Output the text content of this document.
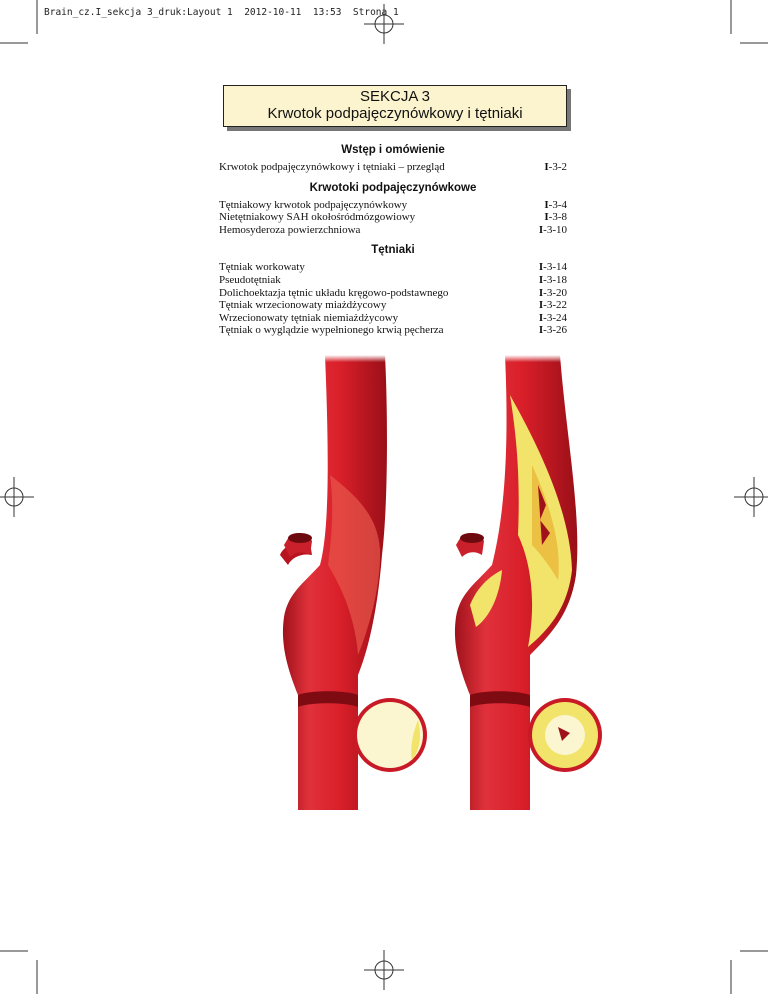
Brain_cz.I_sekcja 3_druk:Layout 1 2012-10-11 13:53 Strona 1
SEKCJA 3
Krwotok podpajęczynówkowy i tętniaki
Wstęp i omówienie
Krwotok podpajęczynówkowy i tętniaki – przegląd	I-3-2
Krwotoki podpajęczynówkowe
Tętniakowy krwotok podpajęczynówkowy	I-3-4
Nietętniakowy SAH okołośródmózgowiowy	I-3-8
Hemosyderoza powierzchniowa	I-3-10
Tętniaki
Tętniak workowaty	I-3-14
Pseudotętniak	I-3-18
Dolichoektazja tętnic układu kręgowo-podstawnego	I-3-20
Tętniak wrzecionowaty miażdżycowy	I-3-22
Wrzecionowaty tętniak niemiażdżycowy	I-3-24
Tętniak o wyglądzie wypełnionego krwią pęcherza	I-3-26
